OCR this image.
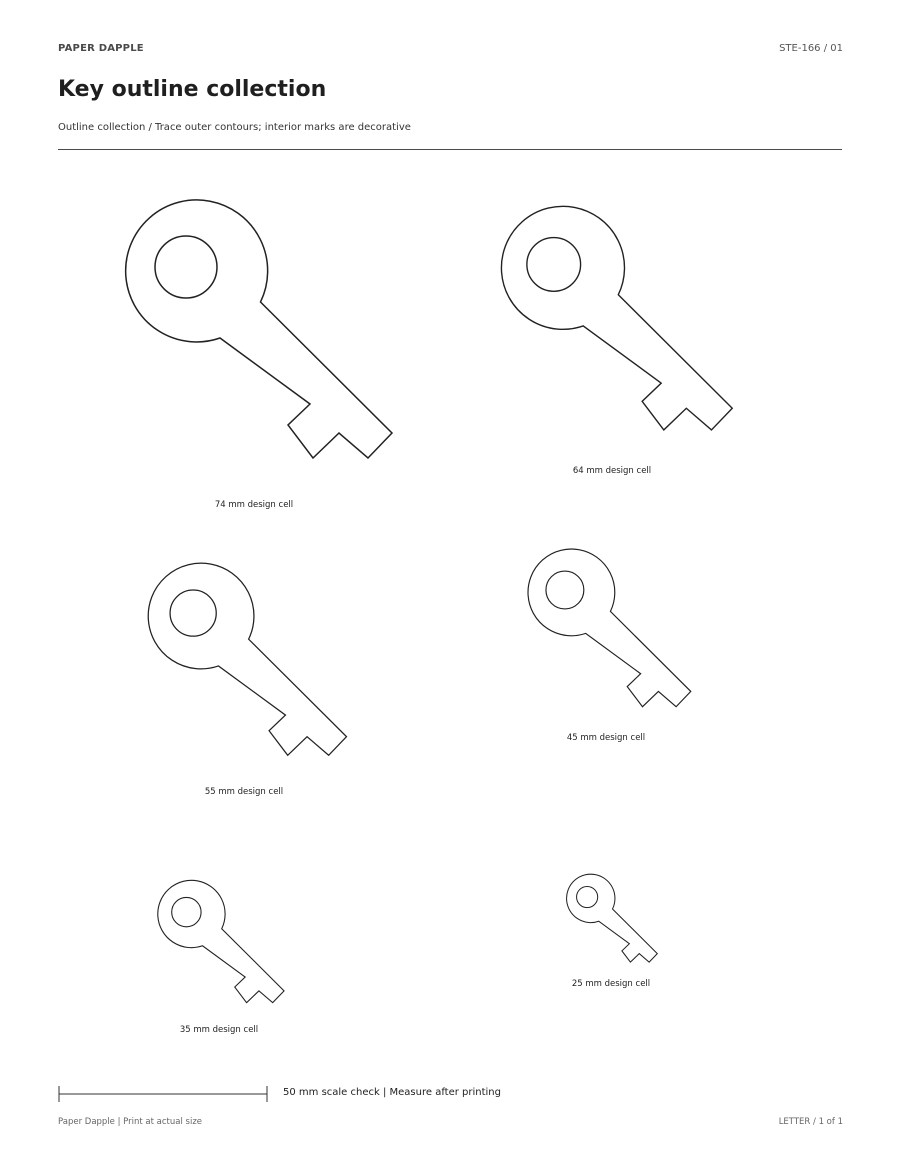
PAPER DAPPLE	STE-166 / 01
Key outline collection
Outline collection / Trace outer contours; interior marks are decorative
74 mm design cell
64 mm design cell
55 mm design cell
45 mm design cell
35 mm design cell
25 mm design cell
50 mm scale check | Measure after printing
Paper Dapple | Print at actual size	LETTER / 1 of 1
